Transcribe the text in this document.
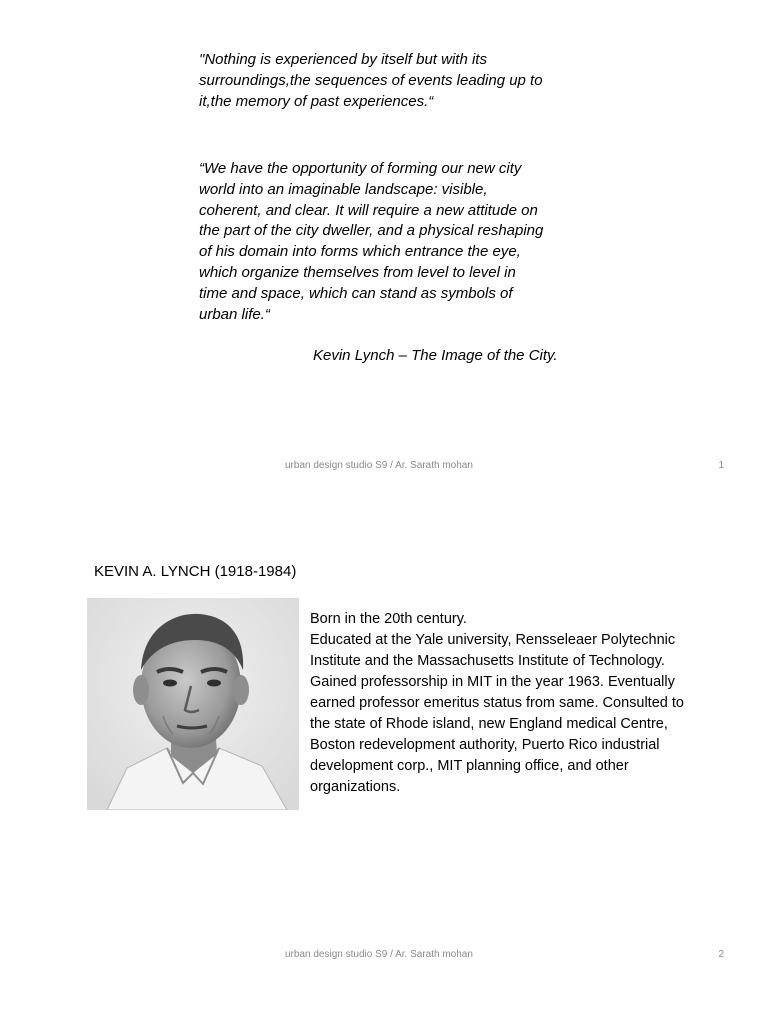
"Nothing is experienced by itself but with its
surroundings,the sequences of events leading up to
it,the memory of past experiences.“

“We have the opportunity of forming our new city
world into an imaginable landscape: visible,
coherent, and clear. It will require a new attitude on
the part of the city dweller, and a physical reshaping
of his domain into forms which entrance the eye,
which organize themselves from level to level in
time and space, which can stand as symbols of
urban life.“

Kevin Lynch – The Image of the City.

urban design studio S9 / Ar. Sarath mohan	1
KEVIN A. LYNCH (1918-1984)

Born in the 20th century.
Educated at the Yale university, Rensseleaer Polytechnic
Institute and the Massachusetts Institute of Technology.
Gained professorship in MIT in the year 1963. Eventually
earned professor emeritus status from same. Consulted to
the state of Rhode island, new England medical Centre,
Boston redevelopment authority, Puerto Rico industrial
development corp., MIT planning office, and other
organizations.

urban design studio S9 / Ar. Sarath mohan	2
